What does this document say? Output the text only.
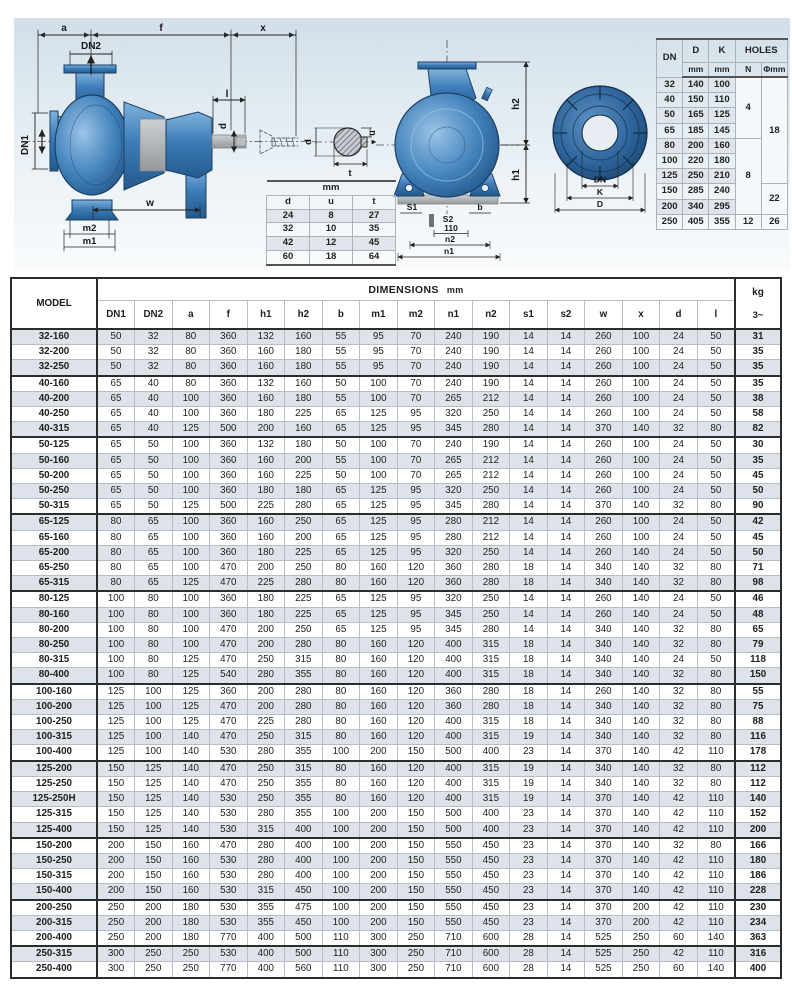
a	f	x
DN2
DN1
l
d
w
m2
m1
d
u
t
h2
h1
S1	b
S2
110
n2
n1
DN
K
D
mm		
d	u	t
24	8	27
32	10	35
42	12	45
60	18	64
DN	D	K	HOLES	
	mm	mm	N	Φmm
32	140	100	4	18
40	150	110		
50	165	125		
65	185	145		
80	200	160	8	
100	220	180		
125	250	210		
150	285	240		22
200	340	295		
250	405	355	12	26
MODEL	DIMENSIONS mm																	kg
3~

	DN1	DN2	a	f	h1	h2	b	m1	m2	n1	n2	s1	s2	w	x	d	l	
32-160	50	32	80	360	132	160	55	95	70	240	190	14	14	260	100	24	50	31
32-200	50	32	80	360	160	180	55	95	70	240	190	14	14	260	100	24	50	35
32-250	50	32	80	360	160	180	55	95	70	240	190	14	14	260	100	24	50	35
40-160	65	40	80	360	132	160	50	100	70	240	190	14	14	260	100	24	50	35
40-200	65	40	100	360	160	180	55	100	70	265	212	14	14	260	100	24	50	38
40-250	65	40	100	360	180	225	65	125	95	320	250	14	14	260	100	24	50	58
40-315	65	40	125	500	200	160	65	125	95	345	280	14	14	370	140	32	80	82
50-125	65	50	100	360	132	180	50	100	70	240	190	14	14	260	100	24	50	30
50-160	65	50	100	360	160	200	55	100	70	265	212	14	14	260	100	24	50	35
50-200	65	50	100	360	160	225	50	100	70	265	212	14	14	260	100	24	50	45
50-250	65	50	100	360	180	180	65	125	95	320	250	14	14	260	100	24	50	50
50-315	65	50	125	500	225	280	65	125	95	345	280	14	14	370	140	32	80	90
65-125	80	65	100	360	160	250	65	125	95	280	212	14	14	260	100	24	50	42
65-160	80	65	100	360	160	200	65	125	95	280	212	14	14	260	100	24	50	45
65-200	80	65	100	360	180	225	65	125	95	320	250	14	14	260	140	24	50	50
65-250	80	65	100	470	200	250	80	160	120	360	280	18	14	340	140	32	80	71
65-315	80	65	125	470	225	280	80	160	120	360	280	18	14	340	140	32	80	98
80-125	100	80	100	360	180	225	65	125	95	320	250	14	14	260	140	24	50	46
80-160	100	80	100	360	180	225	65	125	95	345	250	14	14	260	140	24	50	48
80-200	100	80	100	470	200	250	65	125	95	345	280	14	14	340	140	32	80	65
80-250	100	80	100	470	200	280	80	160	120	400	315	18	14	340	140	32	80	79
80-315	100	80	125	470	250	315	80	160	120	400	315	18	14	340	140	24	50	118
80-400	100	80	125	540	280	355	80	160	120	400	315	18	14	340	140	32	80	150
100-160	125	100	125	360	200	280	80	160	120	360	280	18	14	260	140	32	80	55
100-200	125	100	125	470	200	280	80	160	120	360	280	18	14	340	140	32	80	75
100-250	125	100	125	470	225	280	80	160	120	400	315	18	14	340	140	32	80	88
100-315	125	100	140	470	250	315	80	160	120	400	315	19	14	340	140	32	80	116
100-400	125	100	140	530	280	355	100	200	150	500	400	23	14	370	140	42	110	178
125-200	150	125	140	470	250	315	80	160	120	400	315	19	14	340	140	32	80	112
125-250	150	125	140	470	250	355	80	160	120	400	315	19	14	340	140	32	80	112
125-250H	150	125	140	530	250	355	80	160	120	400	315	19	14	370	140	42	110	140
125-315	150	125	140	530	280	355	100	200	150	500	400	23	14	370	140	42	110	152
125-400	150	125	140	530	315	400	100	200	150	500	400	23	14	370	140	42	110	200
150-200	200	150	160	470	280	400	100	200	150	550	450	23	14	370	140	32	80	166
150-250	200	150	160	530	280	400	100	200	150	550	450	23	14	370	140	42	110	180
150-315	200	150	160	530	280	400	100	200	150	550	450	23	14	370	140	42	110	186
150-400	200	150	160	530	315	450	100	200	150	550	450	23	14	370	140	42	110	228
200-250	250	200	180	530	355	475	100	200	150	550	450	23	14	370	200	42	110	230
200-315	250	200	180	530	355	450	100	200	150	550	450	23	14	370	200	42	110	234
200-400	250	200	180	770	400	500	110	300	250	710	600	28	14	525	250	60	140	363
250-315	300	250	250	530	400	500	110	300	250	710	600	28	14	525	250	42	110	316
250-400	300	250	250	770	400	560	110	300	250	710	600	28	14	525	250	60	140	400
